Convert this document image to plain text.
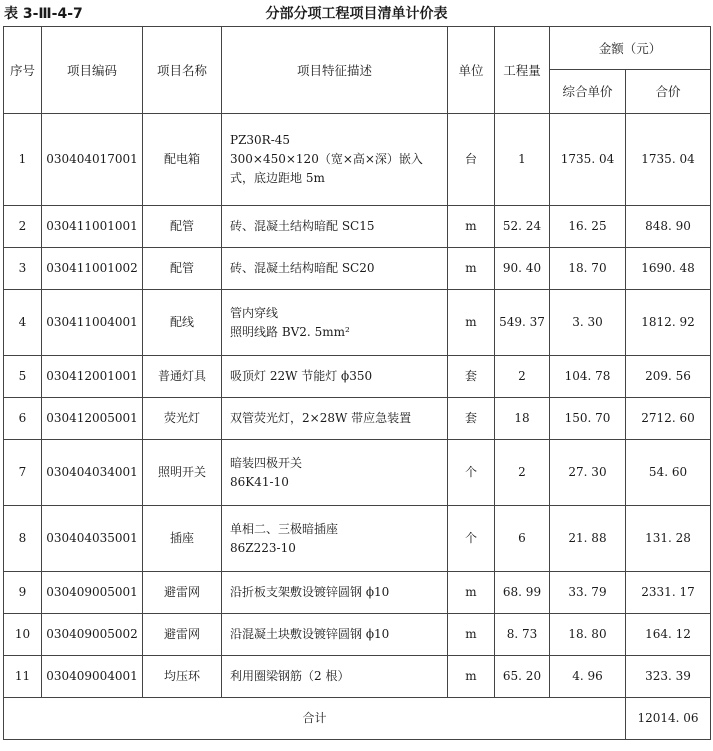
表 3-Ⅲ-4-7	分部分项工程项目清单计价表
序号	项目编码	项目名称	项目特征描述	单位	工程量	金额（元）	
						综合单价	合价
1	030404017001	配电箱	PZ30R-45
300×450×120（宽×高×深）嵌入
式，底边距地 5m	台	1	1735. 04	1735. 04
2	030411001001	配管	砖、混凝土结构暗配 SC15	m	52. 24	16. 25	848. 90
3	030411001002	配管	砖、混凝土结构暗配 SC20	m	90. 40	18. 70	1690. 48
4	030411004001	配线	管内穿线
照明线路 BV2. 5mm²	m	549. 37	3. 30	1812. 92
5	030412001001	普通灯具	吸顶灯 22W 节能灯 ϕ350	套	2	104. 78	209. 56
6	030412005001	荧光灯	双管荧光灯，2×28W 带应急装置	套	18	150. 70	2712. 60
7	030404034001	照明开关	暗装四极开关
86K41-10	个	2	27. 30	54. 60
8	030404035001	插座	单相二、三极暗插座
86Z223-10	个	6	21. 88	131. 28
9	030409005001	避雷网	沿折板支架敷设镀锌圆钢 ϕ10	m	68. 99	33. 79	2331. 17
10	030409005002	避雷网	沿混凝土块敷设镀锌圆钢 ϕ10	m	8. 73	18. 80	164. 12
11	030409004001	均压环	利用圈梁钢筋（2 根）	m	65. 20	4. 96	323. 39
合计							12014. 06
